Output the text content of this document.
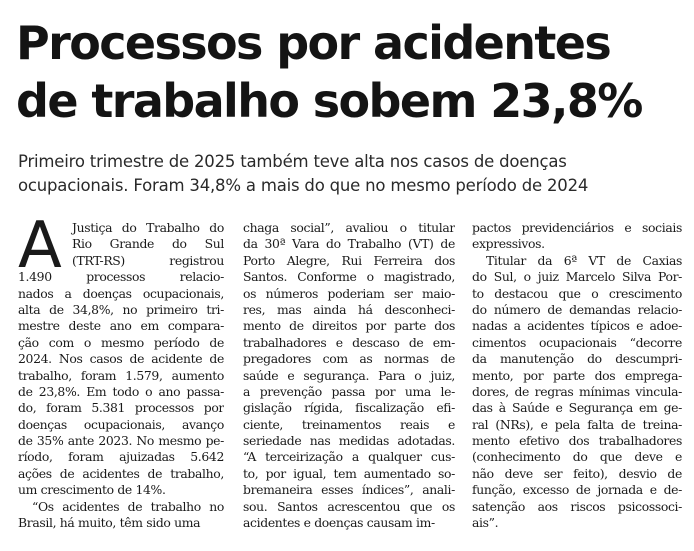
Processos por acidentes
de trabalho sobem 23,8%

Primeiro trimestre de 2025 também teve alta nos casos de doenças
ocupacionais. Foram 34,8% a mais do que no mesmo período de 2024

A Justiça do Trabalho do
Rio Grande do Sul
(TRT-RS) registrou
1.490 processos relacio-
nados a doenças ocupacionais,
alta de 34,8%, no primeiro tri-
mestre deste ano em compara-
ção com o mesmo período de
2024. Nos casos de acidente de
trabalho, foram 1.579, aumento
de 23,8%. Em todo o ano passa-
do, foram 5.381 processos por
doenças ocupacionais, avanço
de 35% ante 2023. No mesmo pe-
ríodo, foram ajuizadas 5.642
ações de acidentes de trabalho,
um crescimento de 14%.
“Os acidentes de trabalho no
Brasil, há muito, têm sido uma
chaga social”, avaliou o titular
da 30ª Vara do Trabalho (VT) de
Porto Alegre, Rui Ferreira dos
Santos. Conforme o magistrado,
os números poderiam ser maio-
res, mas ainda há desconheci-
mento de direitos por parte dos
trabalhadores e descaso de em-
pregadores com as normas de
saúde e segurança. Para o juiz,
a prevenção passa por uma le-
gislação rígida, fiscalização efi-
ciente, treinamentos reais e
seriedade nas medidas adotadas.
“A terceirização a qualquer cus-
to, por igual, tem aumentado so-
bremaneira esses índices”, anali-
sou. Santos acrescentou que os
acidentes e doenças causam im-
pactos previdenciários e sociais
expressivos.
Titular da 6ª VT de Caxias
do Sul, o juiz Marcelo Silva Por-
to destacou que o crescimento
do número de demandas relacio-
nadas a acidentes típicos e adoe-
cimentos ocupacionais “decorre
da manutenção do descumpri-
mento, por parte dos emprega-
dores, de regras mínimas vincula-
das à Saúde e Segurança em ge-
ral (NRs), e pela falta de treina-
mento efetivo dos trabalhadores
(conhecimento do que deve e
não deve ser feito), desvio de
função, excesso de jornada e de-
satenção aos riscos psicossoci-
ais”.
